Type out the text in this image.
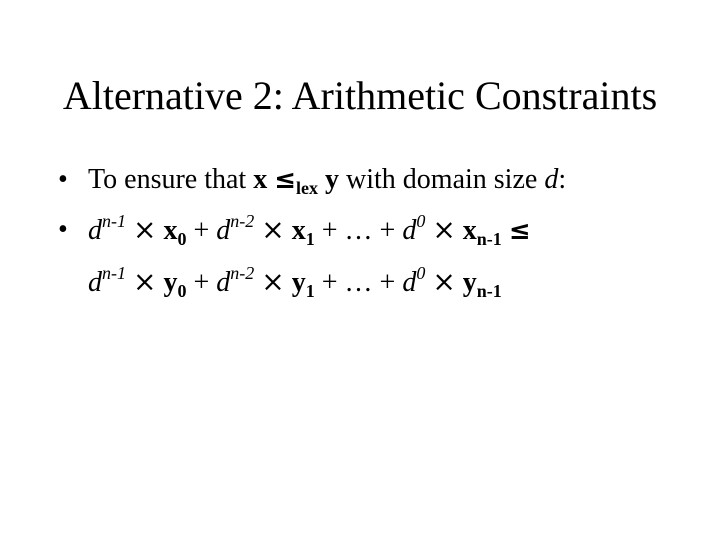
Alternative 2: Arithmetic Constraints
• To ensure that $x \le_{lex}$ y with domain size d:
• $d^{n-1} \times x_0 + d^{n-2} \times x_1$ + … + $d^0 \times x_{n-1}$ ≤
$d^{n-1} \times y_0 + d^{n-2} \times y_1$ + … + $d^0 \times y_{n-1}$
